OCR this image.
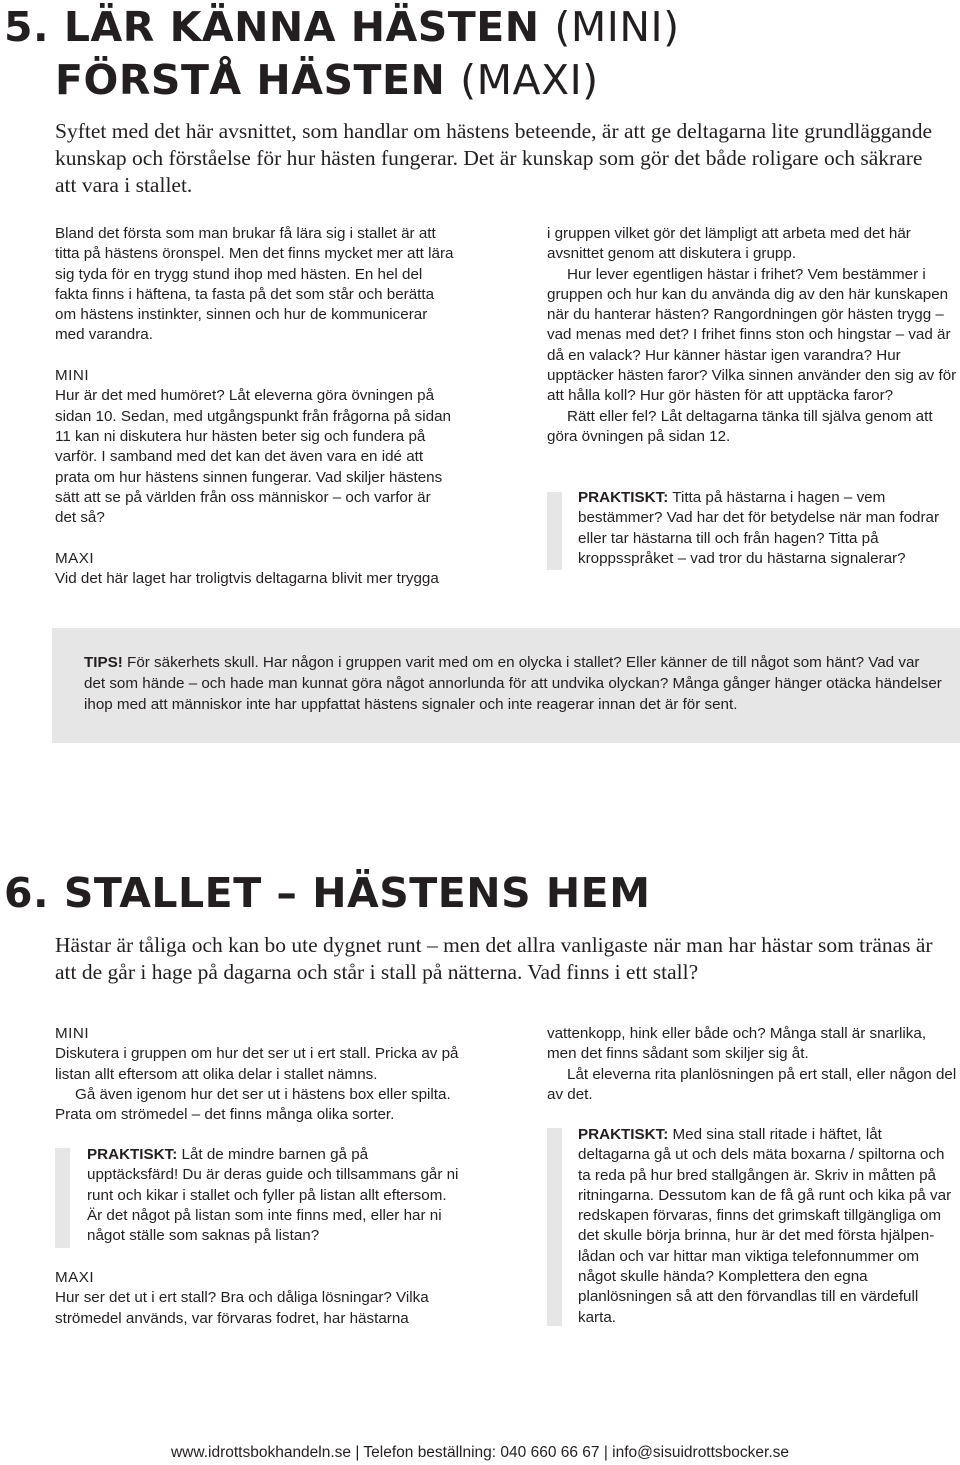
5. LÄR KÄNNA HÄSTEN (MINI)
FÖRSTÅ HÄSTEN (MAXI)
Syftet med det här avsnittet, som handlar om hästens beteende, är att ge deltagarna lite grundläggande kunskap och förståelse för hur hästen fungerar. Det är kunskap som gör det både roligare och säkrare att vara i stallet.

Bland det första som man brukar få lära sig i stallet är att titta på hästens öronspel. Men det finns mycket mer att lära sig tyda för en trygg stund ihop med hästen. En hel del fakta finns i häftena, ta fasta på det som står och berätta om hästens instinkter, sinnen och hur de kommunicerar med varandra.

MINI

Hur är det med humöret? Låt eleverna göra övningen på sidan 10. Sedan, med utgångspunkt från frågorna på sidan 11 kan ni diskutera hur hästen beter sig och fundera på varför. I samband med det kan det även vara en idé att prata om hur hästens sinnen fungerar. Vad skiljer hästens sätt att se på världen från oss människor – och varfor är det så?

MAXI

Vid det här laget har troligtvis deltagarna blivit mer trygga

i gruppen vilket gör det lämpligt att arbeta med det här avsnittet genom att diskutera i grupp.

Hur lever egentligen hästar i frihet? Vem bestämmer i gruppen och hur kan du använda dig av den här kunskapen när du hanterar hästen? Rangordningen gör hästen trygg – vad menas med det? I frihet finns ston och hingstar – vad är då en valack? Hur känner hästar igen varandra? Hur upptäcker hästen faror? Vilka sinnen använder den sig av för att hålla koll? Hur gör hästen för att upptäcka faror?

Rätt eller fel? Låt deltagarna tänka till själva genom att göra övningen på sidan 12.

PRAKTISKT: Titta på hästarna i hagen – vem bestämmer? Vad har det för betydelse när man fodrar eller tar hästarna till och från hagen? Titta på kroppsspråket – vad tror du hästarna signalerar?

TIPS! För säkerhets skull. Har någon i gruppen varit med om en olycka i stallet? Eller känner de till något som hänt? Vad var det som hände – och hade man kunnat göra något annorlunda för att undvika olyckan? Många gånger hänger otäcka händelser ihop med att människor inte har uppfattat hästens signaler och inte reagerar innan det är för sent.
6. STALLET – HÄSTENS HEM
Hästar är tåliga och kan bo ute dygnet runt – men det allra vanligaste när man har hästar som tränas är att de går i hage på dagarna och står i stall på nätterna. Vad finns i ett stall?

MINI

Diskutera i gruppen om hur det ser ut i ert stall. Pricka av på listan allt eftersom att olika delar i stallet nämns.

Gå även igenom hur det ser ut i hästens box eller spilta. Prata om strömedel – det finns många olika sorter.

PRAKTISKT: Låt de mindre barnen gå på upptäcksfärd! Du är deras guide och tillsammans går ni runt och kikar i stallet och fyller på listan allt eftersom. Är det något på listan som inte finns med, eller har ni något ställe som saknas på listan?

MAXI

Hur ser det ut i ert stall? Bra och dåliga lösningar? Vilka strömedel används, var förvaras fodret, har hästarna

vattenkopp, hink eller både och? Många stall är snarlika, men det finns sådant som skiljer sig åt.

Låt eleverna rita planlösningen på ert stall, eller någon del av det.

PRAKTISKT: Med sina stall ritade i häftet, låt deltagarna gå ut och dels mäta boxarna / spiltorna och ta reda på hur bred stallgången är. Skriv in måtten på ritningarna. Dessutom kan de få gå runt och kika på var redskapen förvaras, finns det grimskaft tillgängliga om det skulle börja brinna, hur är det med första hjälpen-lådan och var hittar man viktiga telefonnummer om något skulle hända? Komplettera den egna planlösningen så att den förvandlas till en värdefull karta.

www.idrottsbokhandeln.se | Telefon beställning: 040 660 66 67 | info@sisuidrottsbocker.se
